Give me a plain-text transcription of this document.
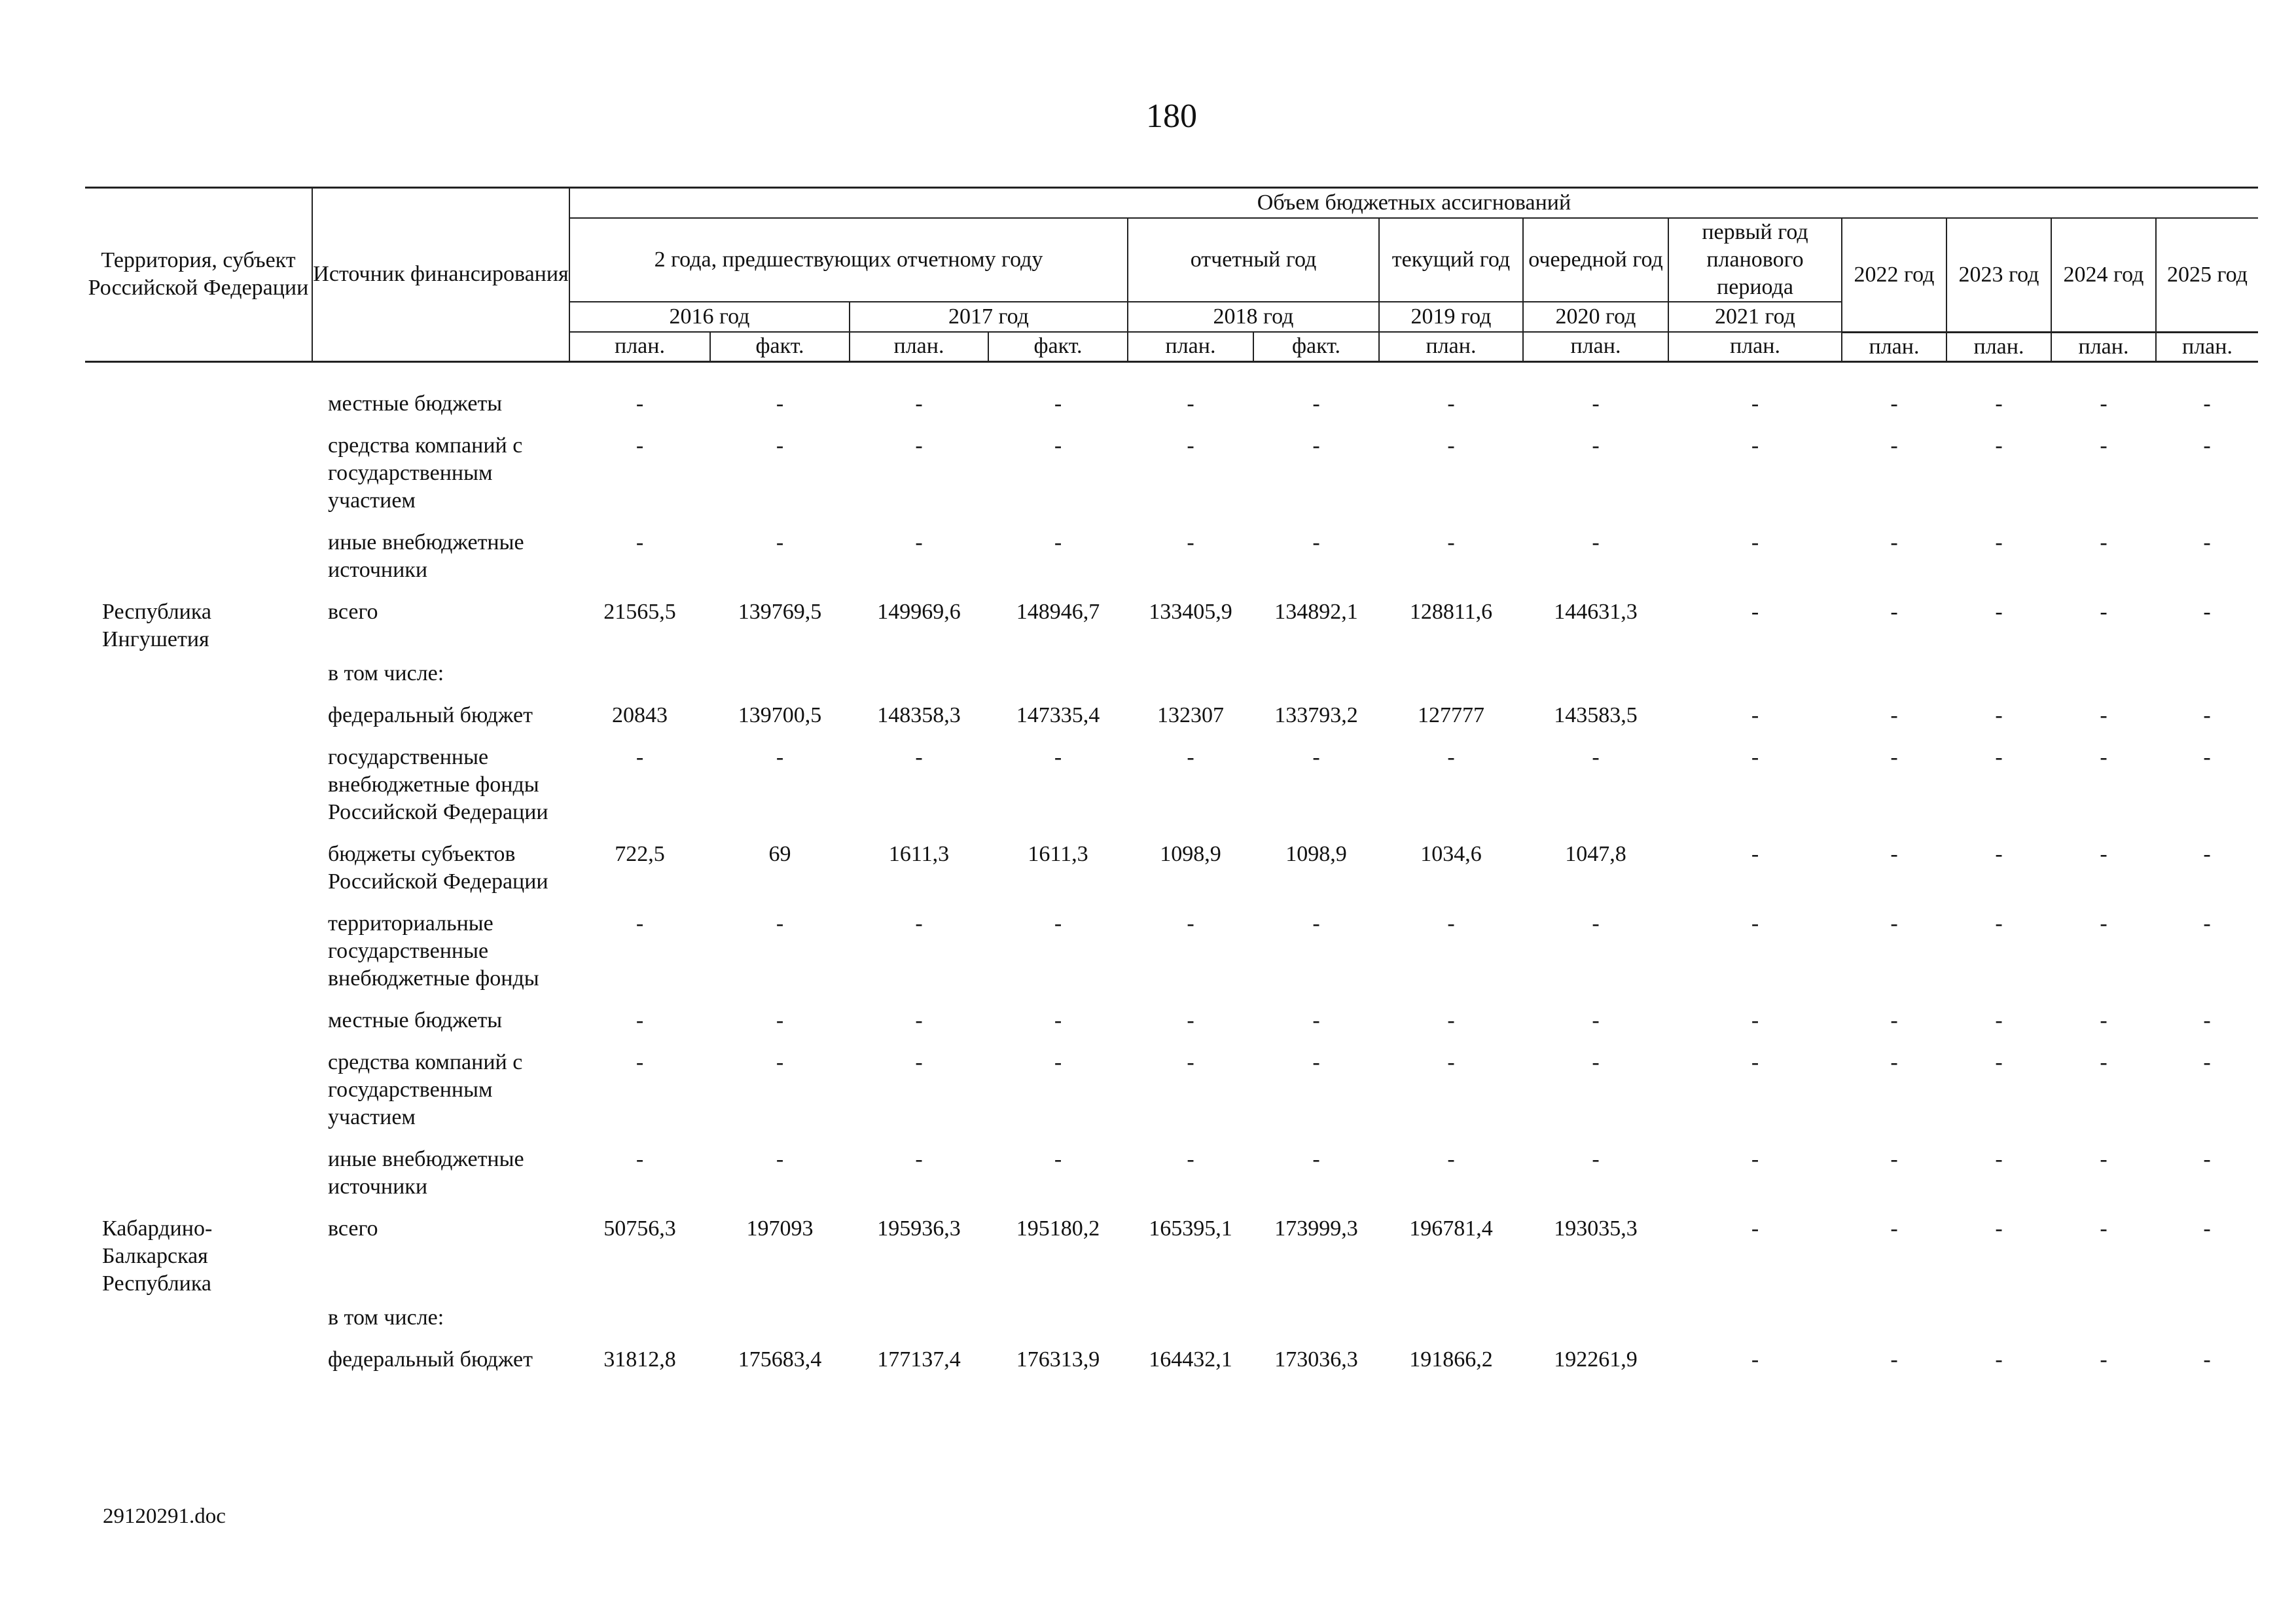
180
Территория, субъект Российской Федерации	Источник финансирования	Объем бюджетных ассигнований												
		2 года, предшествующих отчетному году				отчетный год		текущий год	очередной год	первый год планового периода	2022 год	2023 год	2024 год	2025 год
		2016 год		2017 год		2018 год		2019 год	2020 год	2021 год				
		план.	факт.	план.	факт.	план.	факт.	план.	план.	план.	план.	план.	план.	план.

	местные бюджеты	-	-	-	-	-	-	-	-	-	-	-	-	-
	средства компаний с государственным участием	-	-	-	-	-	-	-	-	-	-	-	-	-
	иные внебюджетные источники	-	-	-	-	-	-	-	-	-	-	-	-	-
Республика Ингушетия	всего	21565,5	139769,5	149969,6	148946,7	133405,9	134892,1	128811,6	144631,3	-	-	-	-	-
	в том числе:													
	федеральный бюджет	20843	139700,5	148358,3	147335,4	132307	133793,2	127777	143583,5	-	-	-	-	-
	государственные внебюджетные фонды Российской Федерации	-	-	-	-	-	-	-	-	-	-	-	-	-
	бюджеты субъектов Российской Федерации	722,5	69	1611,3	1611,3	1098,9	1098,9	1034,6	1047,8	-	-	-	-	-
	территориальные государственные внебюджетные фонды	-	-	-	-	-	-	-	-	-	-	-	-	-
	местные бюджеты	-	-	-	-	-	-	-	-	-	-	-	-	-
	средства компаний с государственным участием	-	-	-	-	-	-	-	-	-	-	-	-	-
	иные внебюджетные источники	-	-	-	-	-	-	-	-	-	-	-	-	-
Кабардино-Балкарская Республика	всего	50756,3	197093	195936,3	195180,2	165395,1	173999,3	196781,4	193035,3	-	-	-	-	-
	в том числе:													
	федеральный бюджет	31812,8	175683,4	177137,4	176313,9	164432,1	173036,3	191866,2	192261,9	-	-	-	-	-
29120291.doc
